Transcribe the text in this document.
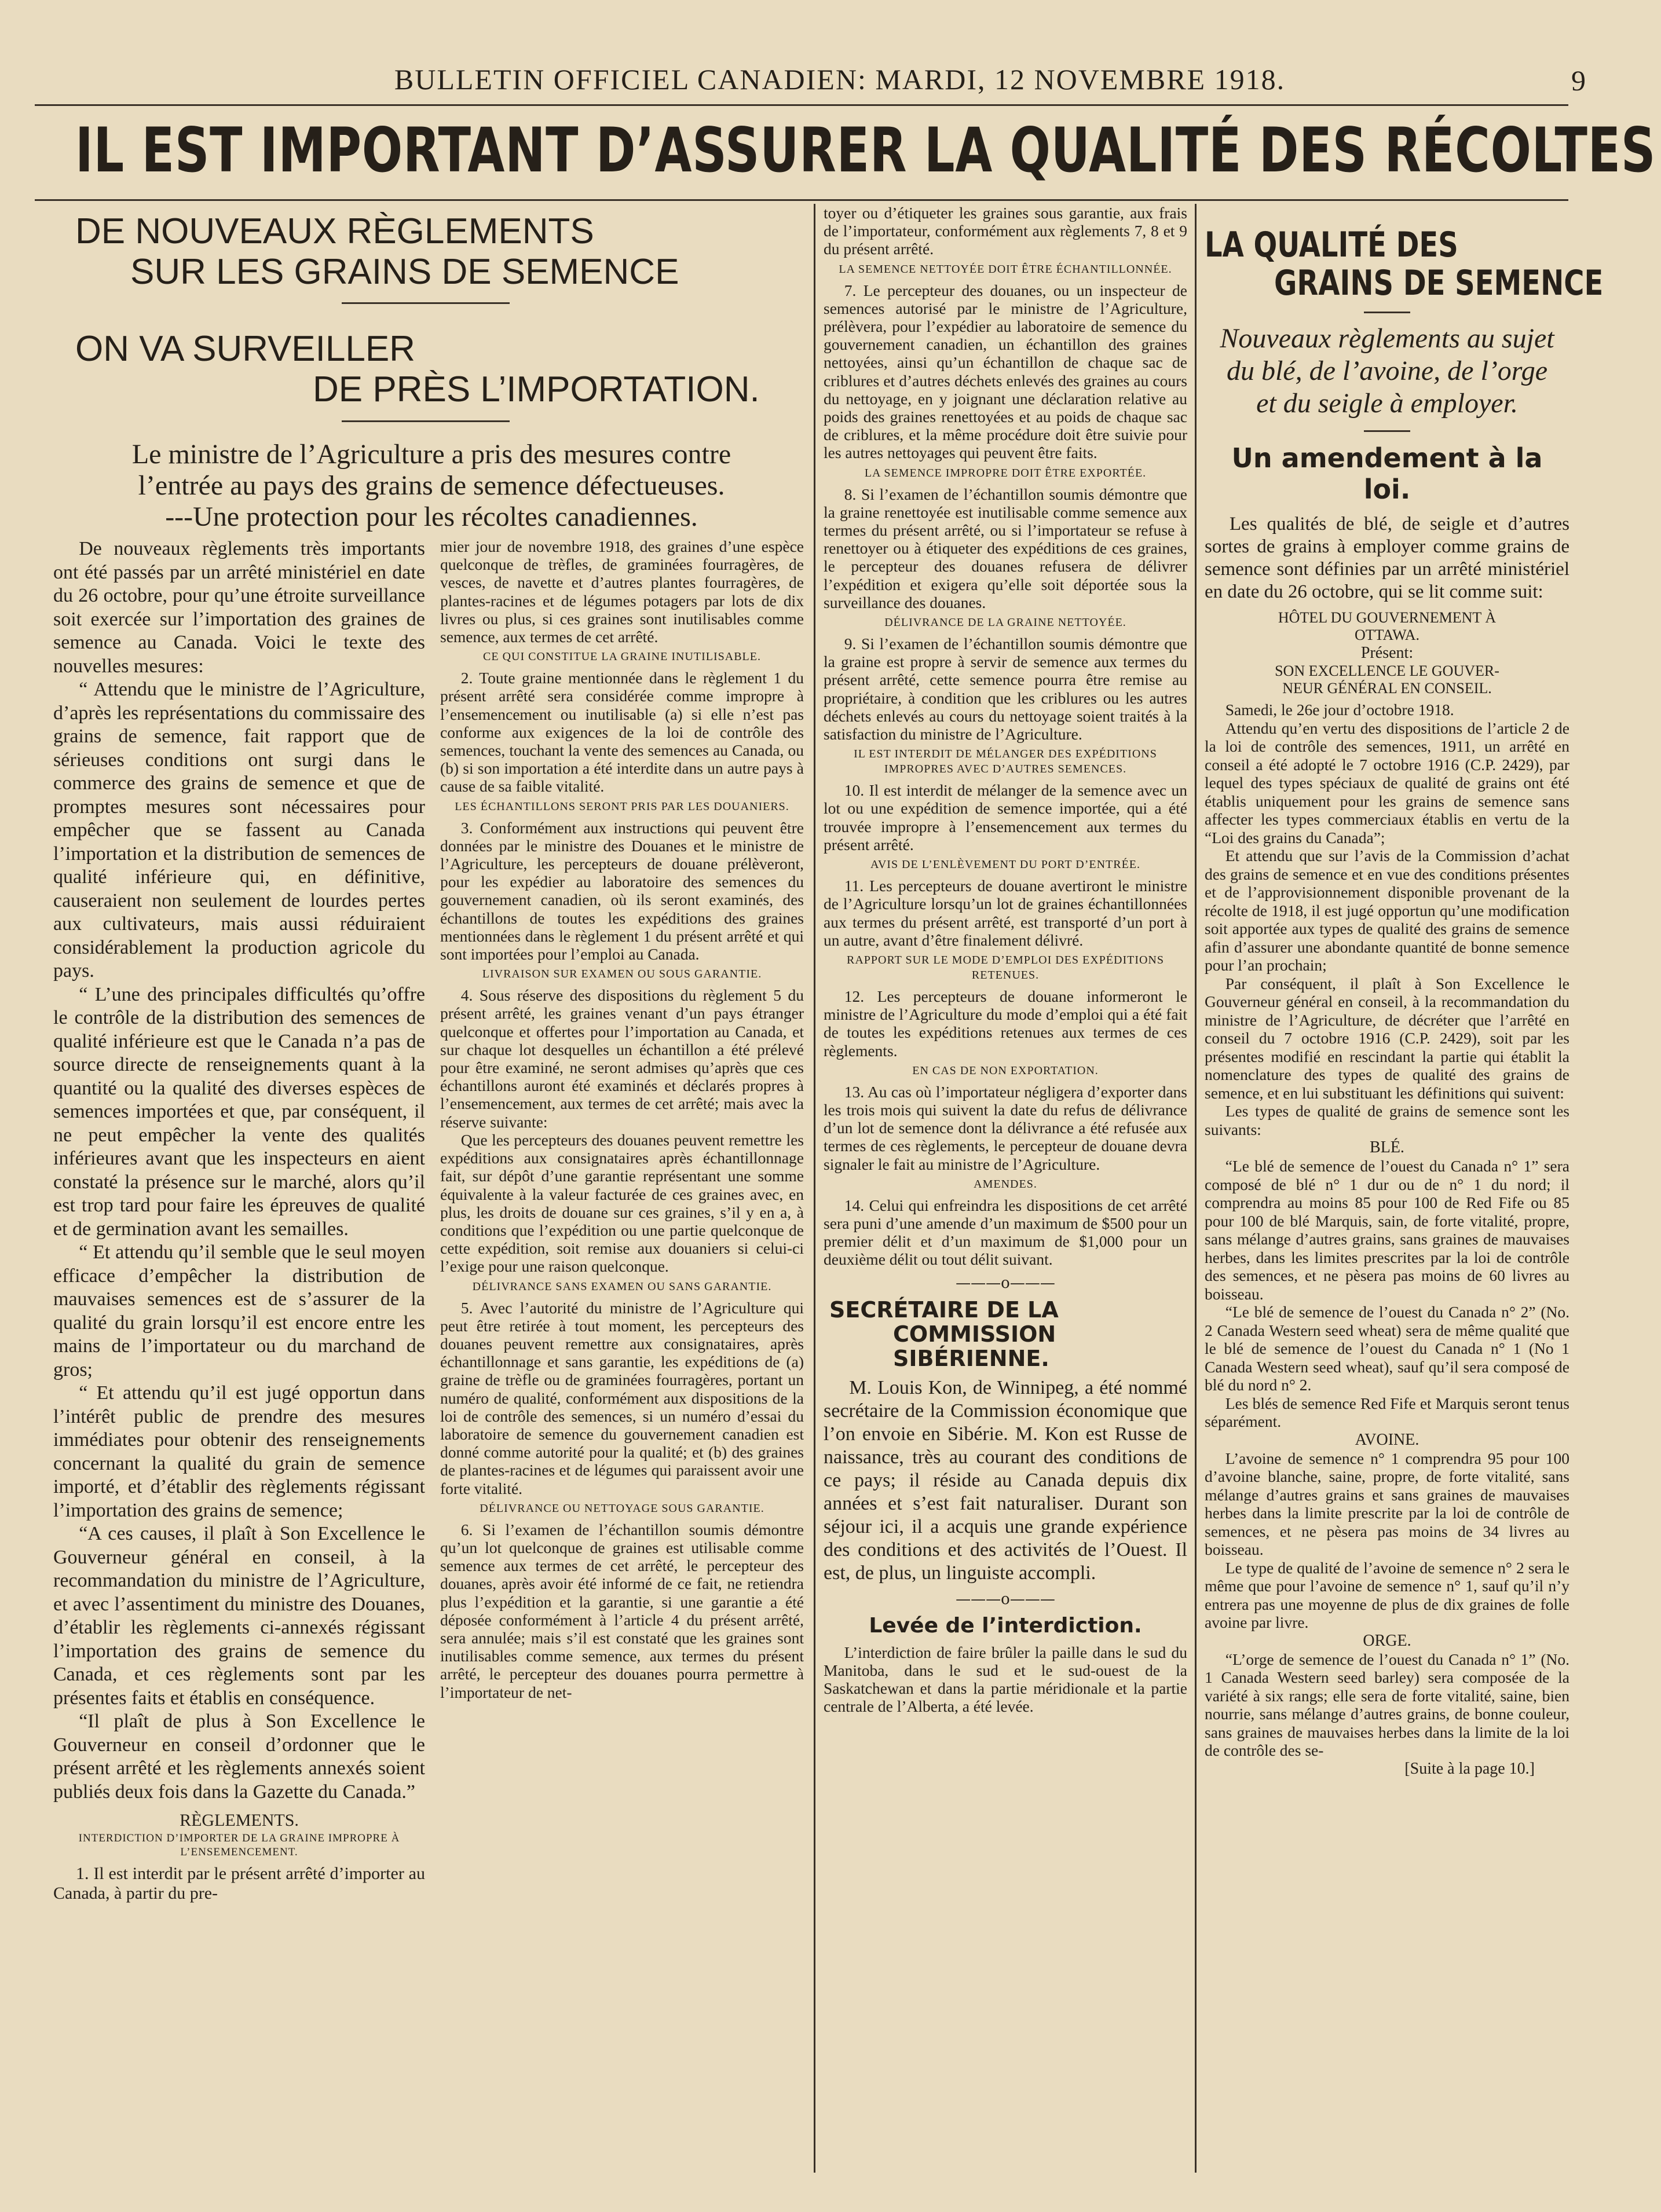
BULLETIN OFFICIEL CANADIEN: MARDI, 12 NOVEMBRE 1918.	9
IL EST IMPORTANT D’ASSURER LA QUALITÉ DES RÉCOLTES
DE NOUVEAUX RÈGLEMENTS
SUR LES GRAINS DE SEMENCE
ON VA SURVEILLER
DE PRÈS L’IMPORTATION.
Le ministre de l’Agriculture a pris des mesures contre
l’entrée au pays des grains de semence défectueuses.
---Une protection pour les récoltes canadiennes.

De nouveaux règlements très importants ont été passés par un arrêté ministériel en date du 26 octobre, pour qu’une étroite surveillance soit exercée sur l’importation des graines de semence au Canada. Voici le texte des nouvelles mesures:

“ Attendu que le ministre de l’Agriculture, d’après les représentations du commissaire des grains de semence, fait rapport que de sérieuses conditions ont surgi dans le commerce des grains de semence et que de promptes mesures sont nécessaires pour empêcher que se fassent au Canada l’importation et la distribution de semences de qualité inférieure qui, en définitive, causeraient non seulement de lourdes pertes aux cultivateurs, mais aussi réduiraient considérablement la production agricole du pays.

“ L’une des principales difficultés qu’offre le contrôle de la distribution des semences de qualité inférieure est que le Canada n’a pas de source directe de renseignements quant à la quantité ou la qualité des diverses espèces de semences importées et que, par conséquent, il ne peut empêcher la vente des qualités inférieures avant que les inspecteurs en aient constaté la présence sur le marché, alors qu’il est trop tard pour faire les épreuves de qualité et de germination avant les semailles.

“ Et attendu qu’il semble que le seul moyen efficace d’empêcher la distribution de mauvaises semences est de s’assurer de la qualité du grain lorsqu’il est encore entre les mains de l’importateur ou du marchand de gros;

“ Et attendu qu’il est jugé opportun dans l’intérêt public de prendre des mesures immédiates pour obtenir des renseignements concernant la qualité du grain de semence importé, et d’établir des règlements régissant l’importation des grains de semence;

“A ces causes, il plaît à Son Excellence le Gouverneur général en conseil, à la recommandation du ministre de l’Agriculture, et avec l’assentiment du ministre des Douanes, d’établir les règlements ci-annexés régissant l’importation des grains de semence du Canada, et ces règlements sont par les présentes faits et établis en conséquence.

“Il plaît de plus à Son Excellence le Gouverneur en conseil d’ordonner que le présent arrêté et les règlements annexés soient publiés deux fois dans la Gazette du Canada.”

RÈGLEMENTS.
INTERDICTION D’IMPORTER DE LA GRAINE IMPROPRE À L’ENSEMENCEMENT.

1. Il est interdit par le présent arrêté d’importer au Canada, à partir du pre-

mier jour de novembre 1918, des graines d’une espèce quelconque de trèfles, de graminées fourragères, de vesces, de navette et d’autres plantes fourragères, de plantes-racines et de légumes potagers par lots de dix livres ou plus, si ces graines sont inutilisables comme semence, aux termes de cet arrêté.

CE QUI CONSTITUE LA GRAINE INUTILISABLE.

2. Toute graine mentionnée dans le règlement 1 du présent arrêté sera considérée comme impropre à l’ensemencement ou inutilisable (a) si elle n’est pas conforme aux exigences de la loi de contrôle des semences, touchant la vente des semences au Canada, ou (b) si son importation a été interdite dans un autre pays à cause de sa faible vitalité.

LES ÉCHANTILLONS SERONT PRIS PAR LES DOUANIERS.

3. Conformément aux instructions qui peuvent être données par le ministre des Douanes et le ministre de l’Agriculture, les percepteurs de douane prélèveront, pour les expédier au laboratoire des semences du gouvernement canadien, où ils seront examinés, des échantillons de toutes les expéditions des graines mentionnées dans le règlement 1 du présent arrêté et qui sont importées pour l’emploi au Canada.

LIVRAISON SUR EXAMEN OU SOUS GARANTIE.

4. Sous réserve des dispositions du règlement 5 du présent arrêté, les graines venant d’un pays étranger quelconque et offertes pour l’importation au Canada, et sur chaque lot desquelles un échantillon a été prélevé pour être examiné, ne seront admises qu’après que ces échantillons auront été examinés et déclarés propres à l’ensemencement, aux termes de cet arrêté; mais avec la réserve suivante:

Que les percepteurs des douanes peuvent remettre les expéditions aux consignataires après échantillonnage fait, sur dépôt d’une garantie représentant une somme équivalente à la valeur facturée de ces graines avec, en plus, les droits de douane sur ces graines, s’il y en a, à conditions que l’expédition ou une partie quelconque de cette expédition, soit remise aux douaniers si celui-ci l’exige pour une raison quelconque.

DÉLIVRANCE SANS EXAMEN OU SANS GARANTIE.

5. Avec l’autorité du ministre de l’Agriculture qui peut être retirée à tout moment, les percepteurs des douanes peuvent remettre aux consignataires, après échantillonnage et sans garantie, les expéditions de (a) graine de trèfle ou de graminées fourragères, portant un numéro de qualité, conformément aux dispositions de la loi de contrôle des semences, si un numéro d’essai du laboratoire de semence du gouvernement canadien est donné comme autorité pour la qualité; et (b) des graines de plantes-racines et de légumes qui paraissent avoir une forte vitalité.

DÉLIVRANCE OU NETTOYAGE SOUS GARANTIE.

6. Si l’examen de l’échantillon soumis démontre qu’un lot quelconque de graines est utilisable comme semence aux termes de cet arrêté, le percepteur des douanes, après avoir été informé de ce fait, ne retiendra plus l’expédition et la garantie, si une garantie a été déposée conformément à l’article 4 du présent arrêté, sera annulée; mais s’il est constaté que les graines sont inutilisables comme semence, aux termes du présent arrêté, le percepteur des douanes pourra permettre à l’importateur de net-

toyer ou d’étiqueter les graines sous garantie, aux frais de l’importateur, conformément aux règlements 7, 8 et 9 du présent arrêté.

LA SEMENCE NETTOYÉE DOIT ÊTRE ÉCHANTILLONNÉE.

7. Le percepteur des douanes, ou un inspecteur de semences autorisé par le ministre de l’Agriculture, prélèvera, pour l’expédier au laboratoire de semence du gouvernement canadien, un échantillon des graines nettoyées, ainsi qu’un échantillon de chaque sac de criblures et d’autres déchets enlevés des graines au cours du nettoyage, en y joignant une déclaration relative au poids des graines renettoyées et au poids de chaque sac de criblures, et la même procédure doit être suivie pour les autres nettoyages qui peuvent être faits.

LA SEMENCE IMPROPRE DOIT ÊTRE EXPORTÉE.

8. Si l’examen de l’échantillon soumis démontre que la graine renettoyée est inutilisable comme semence aux termes du présent arrêté, ou si l’importateur se refuse à renettoyer ou à étiqueter des expéditions de ces graines, le percepteur des douanes refusera de délivrer l’expédition et exigera qu’elle soit déportée sous la surveillance des douanes.

DÉLIVRANCE DE LA GRAINE NETTOYÉE.

9. Si l’examen de l’échantillon soumis démontre que la graine est propre à servir de semence aux termes du présent arrêté, cette semence pourra être remise au propriétaire, à condition que les criblures ou les autres déchets enlevés au cours du nettoyage soient traités à la satisfaction du ministre de l’Agriculture.

IL EST INTERDIT DE MÉLANGER DES EXPÉDITIONS IMPROPRES AVEC D’AUTRES SEMENCES.

10. Il est interdit de mélanger de la semence avec un lot ou une expédition de semence importée, qui a été trouvée impropre à l’ensemencement aux termes du présent arrêté.

AVIS DE L’ENLÈVEMENT DU PORT D’ENTRÉE.

11. Les percepteurs de douane avertiront le ministre de l’Agriculture lorsqu’un lot de graines échantillonnées aux termes du présent arrêté, est transporté d’un port à un autre, avant d’être finalement délivré.

RAPPORT SUR LE MODE D’EMPLOI DES EXPÉDITIONS RETENUES.

12. Les percepteurs de douane informeront le ministre de l’Agriculture du mode d’emploi qui a été fait de toutes les expéditions retenues aux termes de ces règlements.

EN CAS DE NON EXPORTATION.

13. Au cas où l’importateur négligera d’exporter dans les trois mois qui suivent la date du refus de délivrance d’un lot de semence dont la délivrance a été refusée aux termes de ces règlements, le percepteur de douane devra signaler le fait au ministre de l’Agriculture.

AMENDES.

14. Celui qui enfreindra les dispositions de cet arrêté sera puni d’une amende d’un maximum de $500 pour un premier délit et d’un maximum de $1,000 pour un deuxième délit ou tout délit suivant.

———o———
SECRÉTAIRE DE LA
COMMISSION SIBÉRIENNE.

M. Louis Kon, de Winnipeg, a été nommé secrétaire de la Commission économique que l’on envoie en Sibérie. M. Kon est Russe de naissance, très au courant des conditions de ce pays; il réside au Canada depuis dix années et s’est fait naturaliser. Durant son séjour ici, il a acquis une grande expérience des conditions et des activités de l’Ouest. Il est, de plus, un linguiste accompli.

———o———
Levée de l’interdiction.

L’interdiction de faire brûler la paille dans le sud du Manitoba, dans le sud et le sud-ouest de la Saskatchewan et dans la partie méridionale et la partie centrale de l’Alberta, a été levée.

LA QUALITÉ DES
GRAINS DE SEMENCE
Nouveaux règlements au sujet
du blé, de l’avoine, de l’orge
et du seigle à employer.
Un amendement à la loi.

Les qualités de blé, de seigle et d’autres sortes de grains à employer comme grains de semence sont définies par un arrêté ministériel en date du 26 octobre, qui se lit comme suit:

HÔTEL DU GOUVERNEMENT À
OTTAWA.
Présent:
SON EXCELLENCE LE GOUVER-
NEUR GÉNÉRAL EN CONSEIL.

Samedi, le 26e jour d’octobre 1918.

Attendu qu’en vertu des dispositions de l’article 2 de la loi de contrôle des semences, 1911, un arrêté en conseil a été adopté le 7 octobre 1916 (C.P. 2429), par lequel des types spéciaux de qualité de grains ont été établis uniquement pour les grains de semence sans affecter les types commerciaux établis en vertu de la “Loi des grains du Canada”;

Et attendu que sur l’avis de la Commission d’achat des grains de semence et en vue des conditions présentes et de l’approvisionnement disponible provenant de la récolte de 1918, il est jugé opportun qu’une modification soit apportée aux types de qualité des grains de semence afin d’assurer une abondante quantité de bonne semence pour l’an prochain;

Par conséquent, il plaît à Son Excellence le Gouverneur général en conseil, à la recommandation du ministre de l’Agriculture, de décréter que l’arrêté en conseil du 7 octobre 1916 (C.P. 2429), soit par les présentes modifié en rescindant la partie qui établit la nomenclature des types de qualité des grains de semence, et en lui substituant les définitions qui suivent:

Les types de qualité de grains de semence sont les suivants:

BLÉ.

“Le blé de semence de l’ouest du Canada n° 1” sera composé de blé n° 1 dur ou de n° 1 du nord; il comprendra au moins 85 pour 100 de Red Fife ou 85 pour 100 de blé Marquis, sain, de forte vitalité, propre, sans mélange d’autres grains, sans graines de mauvaises herbes, dans les limites prescrites par la loi de contrôle des semences, et ne pèsera pas moins de 60 livres au boisseau.

“Le blé de semence de l’ouest du Canada n° 2” (No. 2 Canada Western seed wheat) sera de même qualité que le blé de semence de l’ouest du Canada n° 1 (No 1 Canada Western seed wheat), sauf qu’il sera composé de blé du nord n° 2.

Les blés de semence Red Fife et Marquis seront tenus séparément.

AVOINE.

L’avoine de semence n° 1 comprendra 95 pour 100 d’avoine blanche, saine, propre, de forte vitalité, sans mélange d’autres grains et sans graines de mauvaises herbes dans la limite prescrite par la loi de contrôle de semences, et ne pèsera pas moins de 34 livres au boisseau.

Le type de qualité de l’avoine de semence n° 2 sera le même que pour l’avoine de semence n° 1, sauf qu’il n’y entrera pas une moyenne de plus de dix graines de folle avoine par livre.

ORGE.

“L’orge de semence de l’ouest du Canada n° 1” (No. 1 Canada Western seed barley) sera composée de la variété à six rangs; elle sera de forte vitalité, saine, bien nourrie, sans mélange d’autres grains, de bonne couleur, sans graines de mauvaises herbes dans la limite de la loi de contrôle des se-

[Suite à la page 10.]
